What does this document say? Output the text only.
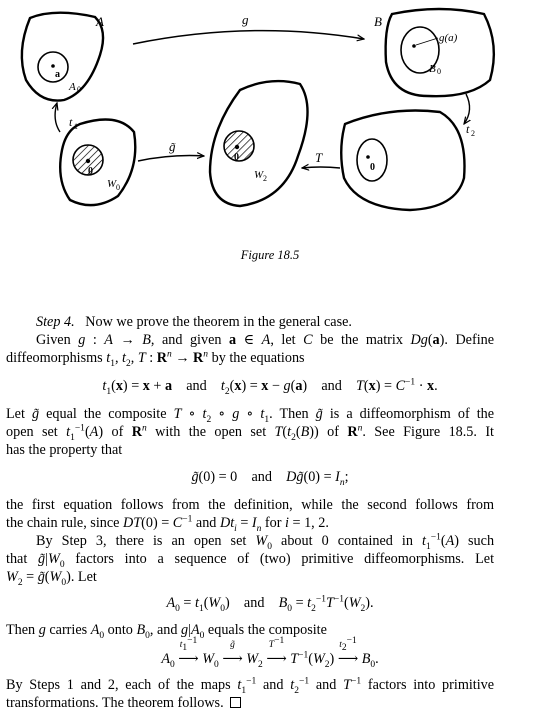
A
a
A 0
B
g(a)
B 0
g
0
t 2
T
0
W 2
g̃
0
W 0
t 1
Figure 18.5
Step 4. Now we prove the theorem in the general case.
Given g : A → B, and given a ∈ A, let C be the matrix Dg(a). Define
diffeomorphisms $t_1$, $t_2$, T : $R^n \to R^n$ by the equations
$t_1(x) = x + a$ and $t_2(x) = x - g(a)$    and $T(x) = C^{-1} \cdot x$.
Let g̃ equal the composite T ∘ $t_2$ ∘ g ∘ $t_1$. Then g̃ is a diffeomorphism of the
open set $t_1^{-1}(A)$ of $R^n$ with the open set $T(t_2(B))$ of $R^n$. See Figure 18.5. It
has the property that
g̃(0) = 0    and Dg̃(0) = $I_n$;
the first equation follows from the definition, while the second follows from
the chain rule, since $DT(0) = C^{-1}$ and $Dt_i = I_n$ for i = 1, 2.
By Step 3, there is an open set $W_0$ about 0 contained in $t_1^{-1}(A)$ such
that $g̃|W_0$ factors into a sequence of (two) primitive diffeomorphisms. Let
$W_2$ = $g̃(W_0)$. Let
$A_0 = t_1(W_0)$    and $B_0 = t_2^{-1}T^{-1}(W_2)$.
Then g carries $A_0$ onto $B_0$, and $g|A_0$ equals the composite
$A_0$
$t_1^{-1}$
⟶ $W_0$
g̃
⟶ $W_2$
$T^{-1}$
⟶ $T^{-1}(W_2)$
$t_2^{-1}$
⟶ $B_0$.
By Steps 1 and 2, each of the maps $t_1^{-1}$ and $t_2^{-1}$ and $T^{-1}$ factors into primitive
transformations. The theorem follows.
